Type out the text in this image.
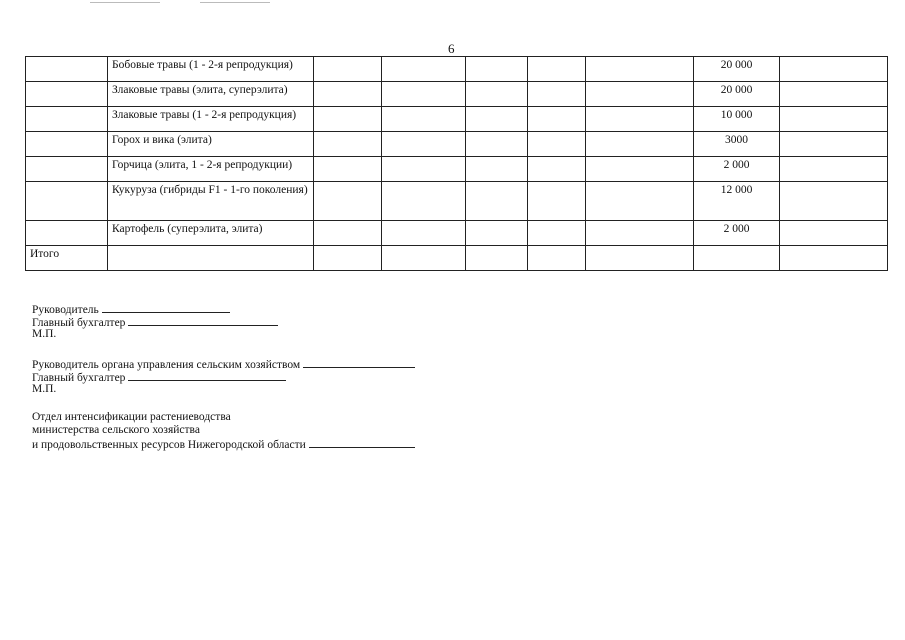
6
	Бобовые травы (1 - 2-я репродукция)						20 000	
	Злаковые травы (элита, суперэлита)						20 000	
	Злаковые травы (1 - 2-я репродукция)						10 000	
	Горох и вика (элита)						3000	
	Горчица (элита, 1 - 2-я репродукции)						2 000	
	Кукуруза (гибриды F1 - 1-го поколения)						12 000	
	Картофель (суперэлита, элита)						2 000	
Итого								
Руководитель
Главный бухгалтер
М.П.
Руководитель органа управления сельским хозяйством
Главный бухгалтер
М.П.
Отдел интенсификации растениеводства
министерства сельского хозяйства
и продовольственных ресурсов Нижегородской области
